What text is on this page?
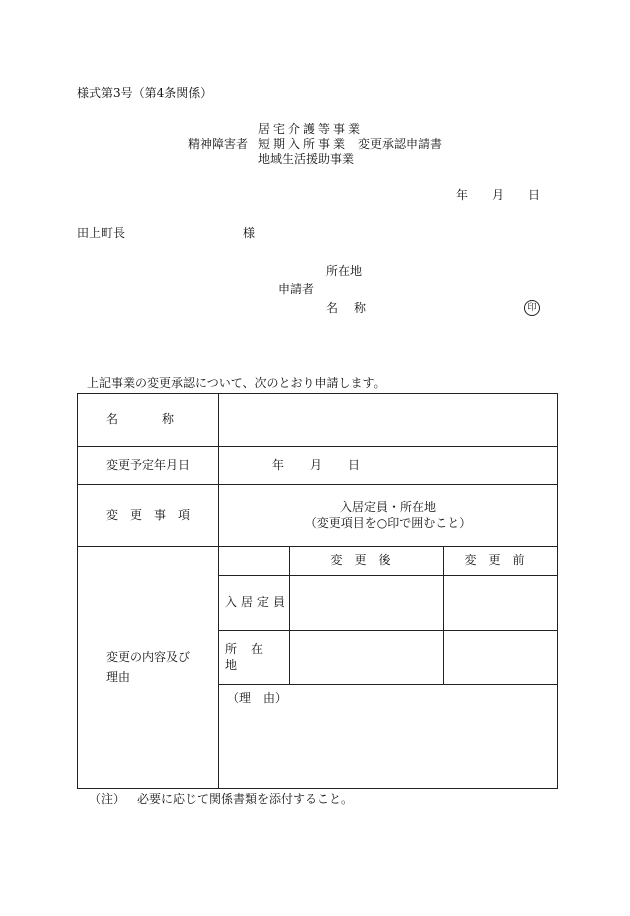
様式第3号（第4条関係）
居宅介護等事業
精神障害者 短期入所事業 変更承認申請書
地域生活援助事業
年 月 日
田上町長	様
所在地
申請者
名称	印
上記事業の変更承認について、次のとおり申請します。
名称			
変更予定年月日	年 月 日		
変更事項	入居定員・所在地
（変更項目を○印で囲むこと）		

変更の内容及び理由		変更後	変更前
	入居定員		
	所在地		
	（理　由）		
（注） 必要に応じて関係書類を添付すること。
